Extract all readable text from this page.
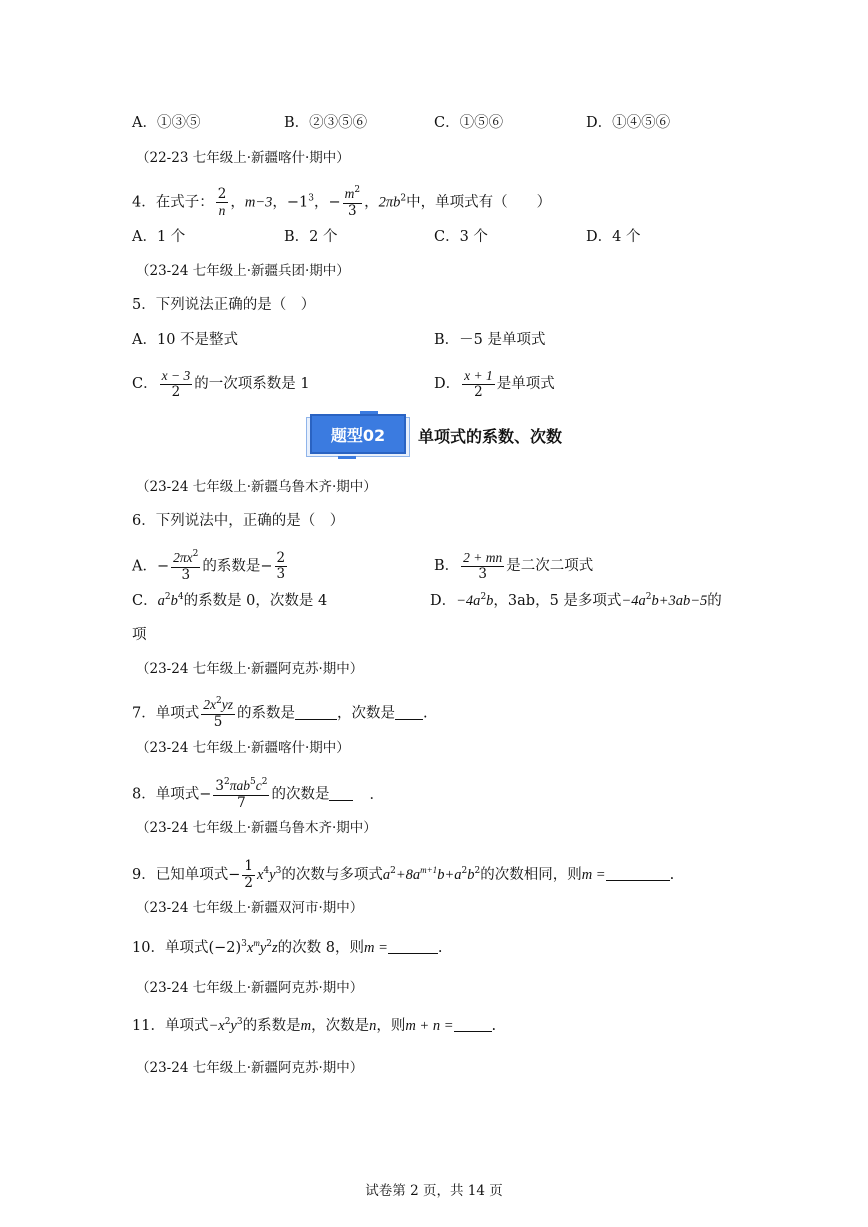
A．①③⑤	B．②③⑤⑥	C．①⑤⑥	D．①④⑤⑥
（22-23 七年级上·新疆喀什·期中）
4．在式子： $\frac{2}{n}$ ，m−3，$-1^3$，− $\frac{m^2}{3}$ ，$2\pi b^2$中，单项式有（　　）
A．1 个	B．2 个	C．3 个	D．4 个
（23-24 七年级上·新疆兵团·期中）
5．下列说法正确的是（　）
A．10 不是整式	B．－5 是单项式
C． $\frac{x - 3}{2}$ 的一次项系数是 1	D． $\frac{x + 1}{2}$ 是单项式
题型02	单项式的系数、次数
（23-24 七年级上·新疆乌鲁木齐·期中）
6．下列说法中，正确的是（　）
A．− $\frac{2\pi x^2}{3}$ 的系数是− $\frac{2}{3}$	B． $\frac{2 + mn}{3}$ 是二次二项式
C．$a^2b^4$的系数是 0，次数是 4	D．$-4a^2b$，3ab，5 是多项式$-4a^2b+3ab-5$的
项
（23-24 七年级上·新疆阿克苏·期中）
7．单项式 $\frac{2x^2yz}{5}$ 的系数是	，次数是 .
（23-24 七年级上·新疆喀什·期中）
8．单项式− $\frac{3^2\pi ab^5c^2}{7}$ 的次数是	．
（23-24 七年级上·新疆乌鲁木齐·期中）
9．已知单项式− $\frac{1}{2} x^4y^3$的次数与多项式$a^2+8a^{m+1}b+a^2b^2$的次数相同，则m =	.
（23-24 七年级上·新疆双河市·期中）
10．单项式$(-2)^3x^my^2z$的次数 8，则m =	.
（23-24 七年级上·新疆阿克苏·期中）
11．单项式$-x^2y^3$的系数是m，次数是n，则m + n =	.
（23-24 七年级上·新疆阿克苏·期中）
试卷第 2 页，共 14 页
